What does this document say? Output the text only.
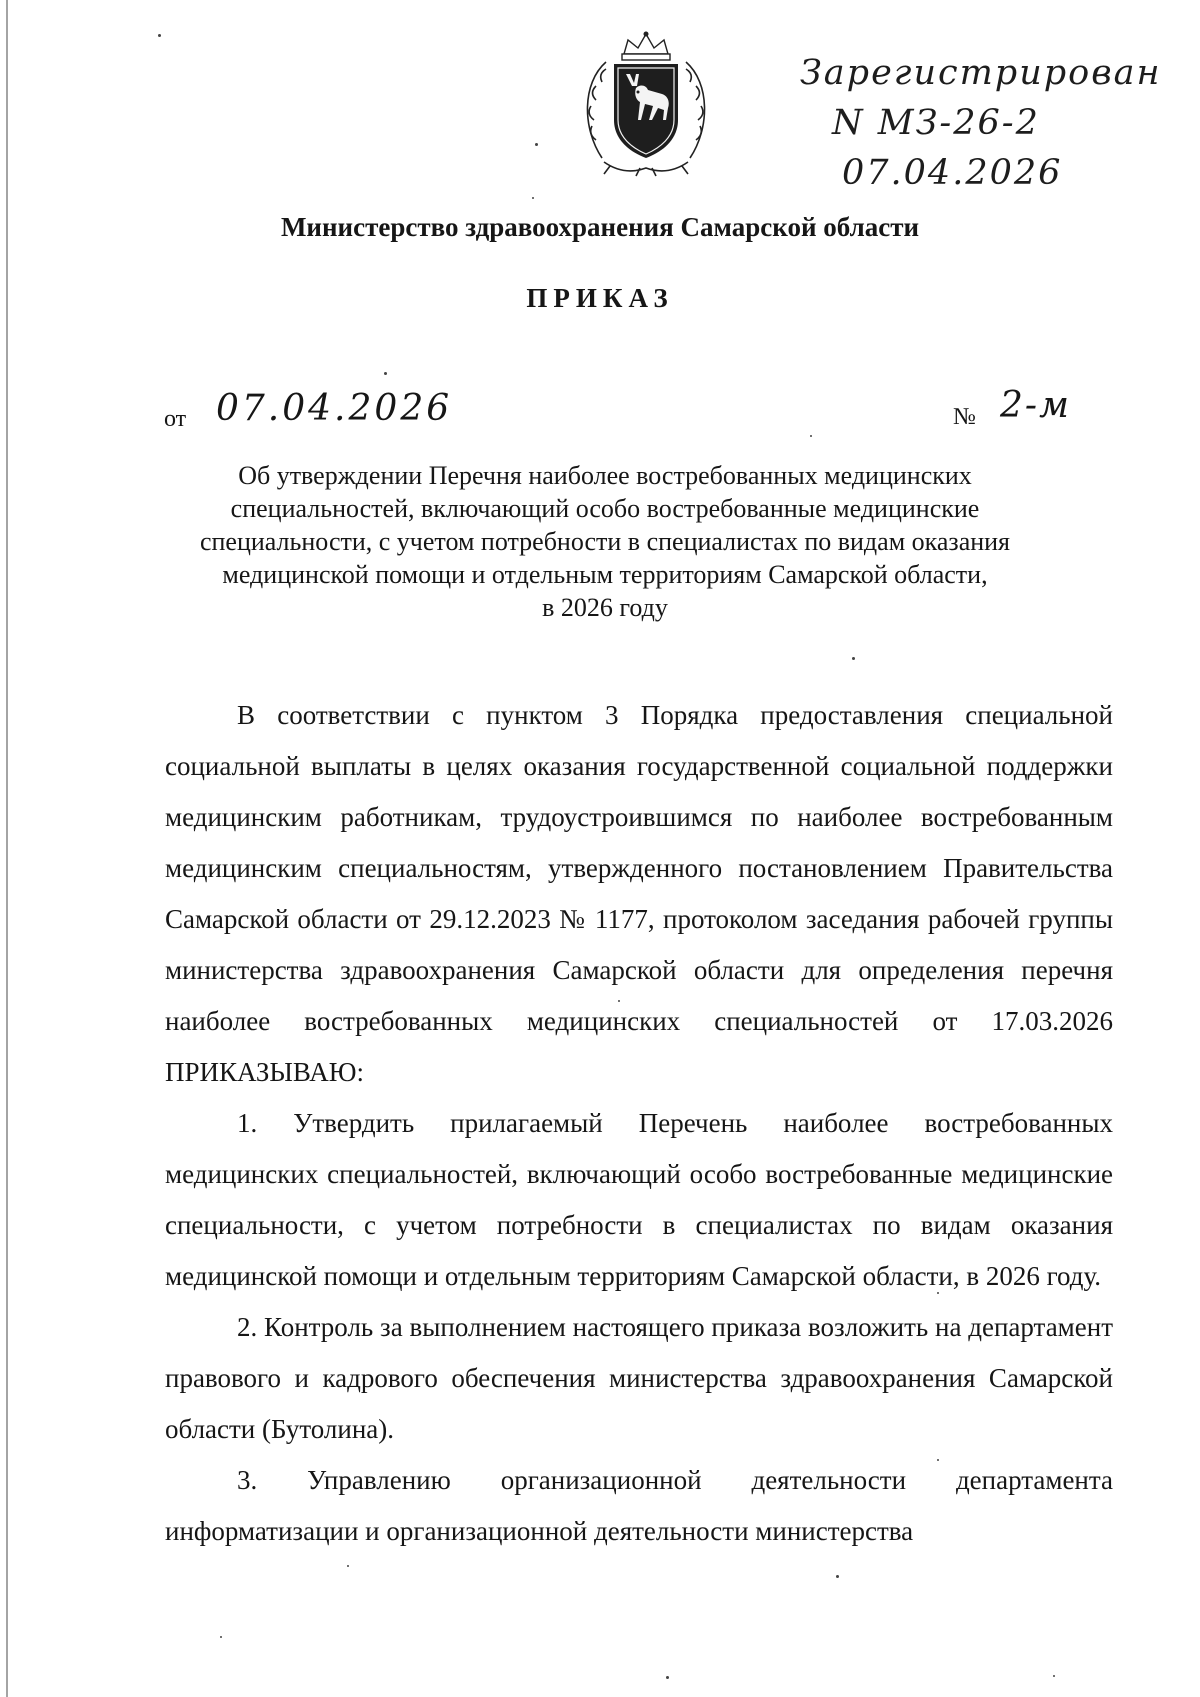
Зарегистрирован
N МЗ-26-2
07.04.2026
Министерство здравоохранения Самарской области
ПРИКАЗ
от 07.04.2026	№ 2-м
Об утверждении Перечня наиболее востребованных медицинских
специальностей, включающий особо востребованные медицинские
специальности, с учетом потребности в специалистах по видам оказания
медицинской помощи и отдельным территориям Самарской области,
в 2026 году

В соответствии с пунктом 3 Порядка предоставления специальной социальной выплаты в целях оказания государственной социальной поддержки медицинским работникам, трудоустроившимся по наиболее востребованным медицинским специальностям, утвержденного постановлением Правительства Самарской области от 29.12.2023 № 1177, протоколом заседания рабочей группы министерства здравоохранения Самарской области для определения перечня наиболее востребованных медицинских специальностей от 17.03.2026 ПРИКАЗЫВАЮ:

1. Утвердить прилагаемый Перечень наиболее востребованных медицинских специальностей, включающий особо востребованные медицинские специальности, с учетом потребности в специалистах по видам оказания медицинской помощи и отдельным территориям Самарской области, в 2026 году.

2. Контроль за выполнением настоящего приказа возложить на департамент правового и кадрового обеспечения министерства здравоохранения Самарской области (Бутолина).

3. Управлению организационной деятельности департамента информатизации и организационной деятельности министерства
